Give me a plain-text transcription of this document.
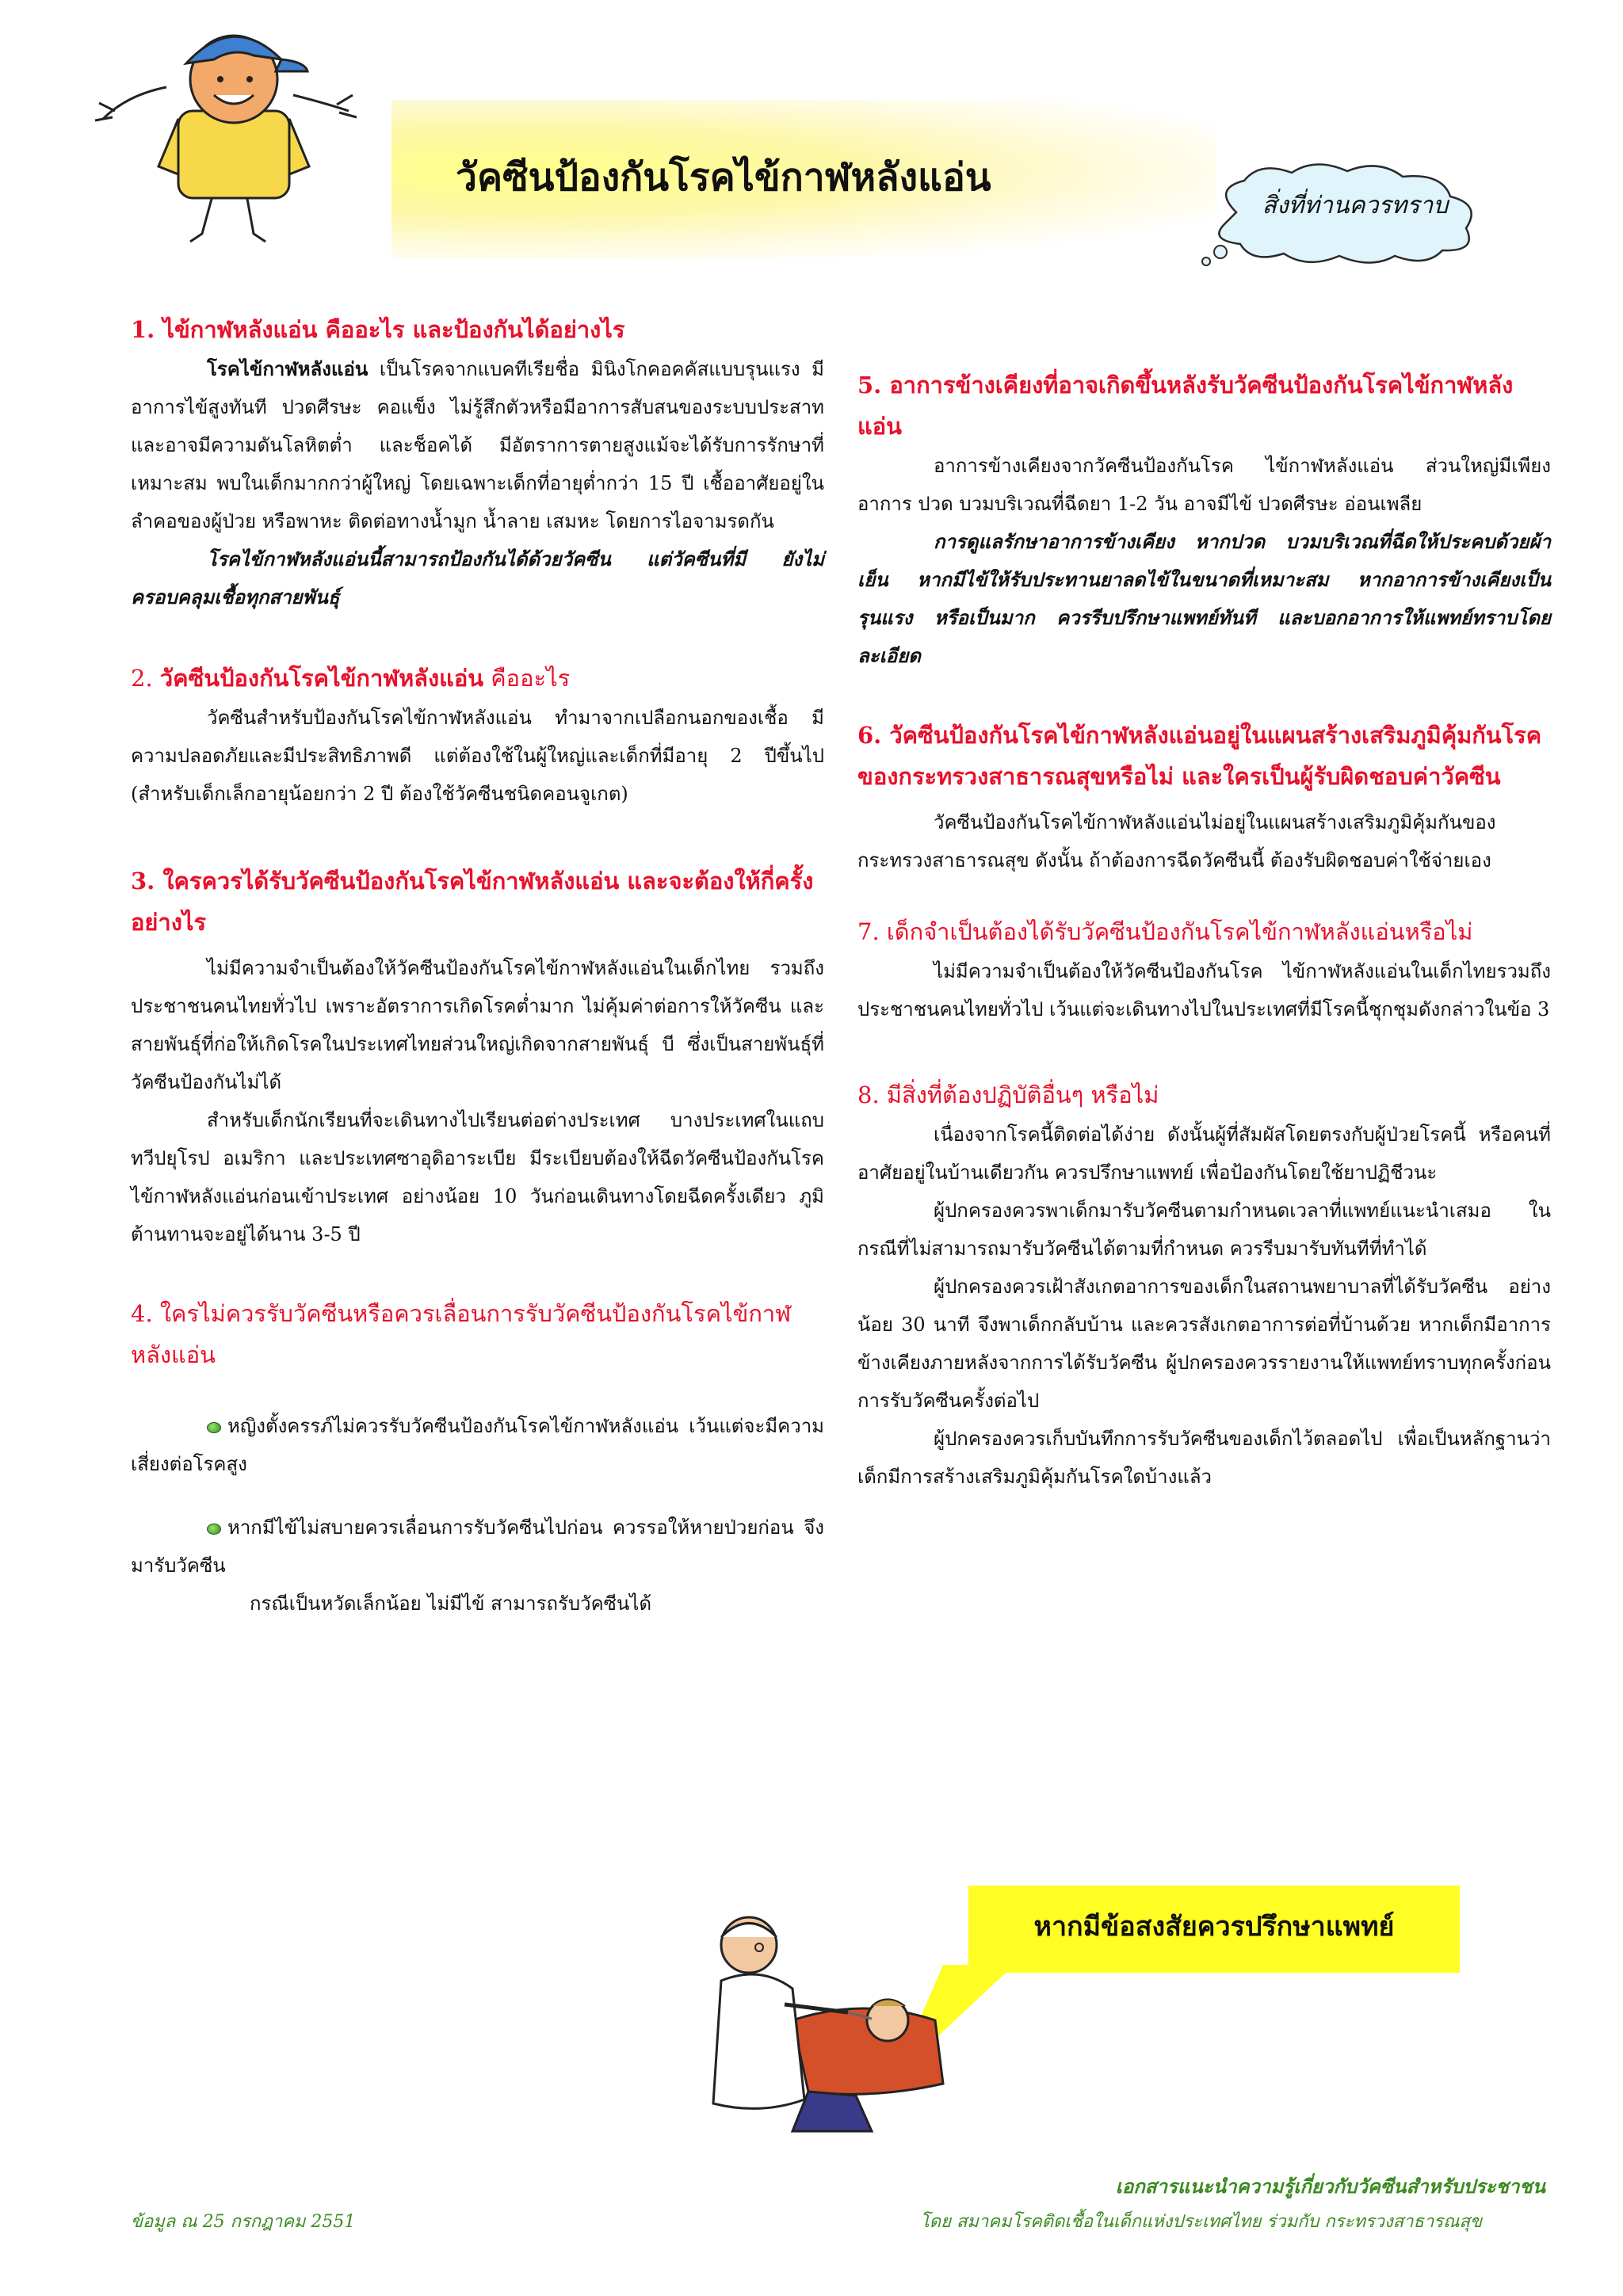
วัคซีนป้องกันโรคไข้กาฬหลังแอ่น
สิ่งที่ท่านควรทราบ

1. ไข้กาฬหลังแอ่น คืออะไร และป้องกันได้อย่างไร

โรคไข้กาฬหลังแอ่น เป็นโรคจากแบคทีเรียชื่อ มินิงโกคอคคัสแบบรุนแรง มีอาการไข้สูงทันที ปวดศีรษะ คอแข็ง ไม่รู้สึกตัวหรือมีอาการสับสนของระบบประสาท และอาจมีความดันโลหิตต่ำ และช็อคได้ มีอัตราการตายสูงแม้จะได้รับการรักษาที่เหมาะสม พบในเด็กมากกว่าผู้ใหญ่ โดยเฉพาะเด็กที่อายุต่ำกว่า 15 ปี เชื้ออาศัยอยู่ในลำคอของผู้ป่วย หรือพาหะ ติดต่อทางน้ำมูก น้ำลาย เสมหะ โดยการไอจามรดกัน

โรคไข้กาฬหลังแอ่นนี้สามารถป้องกันได้ด้วยวัคซีน แต่วัคซีนที่มี ยังไม่ครอบคลุมเชื้อทุกสายพันธุ์

2. วัคซีนป้องกันโรคไข้กาฬหลังแอ่น คืออะไร

วัคซีนสำหรับป้องกันโรคไข้กาฬหลังแอ่น ทำมาจากเปลือกนอกของเชื้อ มีความปลอดภัยและมีประสิทธิภาพดี แต่ต้องใช้ในผู้ใหญ่และเด็กที่มีอายุ 2 ปีขึ้นไป (สำหรับเด็กเล็กอายุน้อยกว่า 2 ปี ต้องใช้วัคซีนชนิดคอนจูเกต)

3. ใครควรได้รับวัคซีนป้องกันโรคไข้กาฬหลังแอ่น และจะต้องให้กี่ครั้ง อย่างไร

ไม่มีความจำเป็นต้องให้วัคซีนป้องกันโรคไข้กาฬหลังแอ่นในเด็กไทย รวมถึงประชาชนคนไทยทั่วไป เพราะอัตราการเกิดโรคต่ำมาก ไม่คุ้มค่าต่อการให้วัคซีน และสายพันธุ์ที่ก่อให้เกิดโรคในประเทศไทยส่วนใหญ่เกิดจากสายพันธุ์ บี ซึ่งเป็นสายพันธุ์ที่วัคซีนป้องกันไม่ได้

สำหรับเด็กนักเรียนที่จะเดินทางไปเรียนต่อต่างประเทศ บางประเทศในแถบทวีปยุโรป อเมริกา และประเทศซาอุดิอาระเบีย มีระเบียบต้องให้ฉีดวัคซีนป้องกันโรคไข้กาฬหลังแอ่นก่อนเข้าประเทศ อย่างน้อย 10 วันก่อนเดินทางโดยฉีดครั้งเดียว ภูมิต้านทานจะอยู่ได้นาน 3-5 ปี

4. ใครไม่ควรรับวัคซีนหรือควรเลื่อนการรับวัคซีนป้องกันโรคไข้กาฬหลังแอ่น

หญิงตั้งครรภ์ไม่ควรรับวัคซีนป้องกันโรคไข้กาฬหลังแอ่น เว้นแต่จะมีความเสี่ยงต่อโรคสูง

หากมีไข้ไม่สบายควรเลื่อนการรับวัคซีนไปก่อน ควรรอให้หายป่วยก่อน จึงมารับวัคซีน

กรณีเป็นหวัดเล็กน้อย ไม่มีไข้ สามารถรับวัคซีนได้

5. อาการข้างเคียงที่อาจเกิดขึ้นหลังรับวัคซีนป้องกันโรคไข้กาฬหลังแอ่น

อาการข้างเคียงจากวัคซีนป้องกันโรค ไข้กาฬหลังแอ่น ส่วนใหญ่มีเพียงอาการ ปวด บวมบริเวณที่ฉีดยา 1-2 วัน อาจมีไข้ ปวดศีรษะ อ่อนเพลีย

การดูแลรักษาอาการข้างเคียง หากปวด บวมบริเวณที่ฉีดให้ประคบด้วยผ้าเย็น หากมีไข้ให้รับประทานยาลดไข้ในขนาดที่เหมาะสม หากอาการข้างเคียงเป็นรุนแรง หรือเป็นมาก ควรรีบปรึกษาแพทย์ทันที และบอกอาการให้แพทย์ทราบโดยละเอียด

6. วัคซีนป้องกันโรคไข้กาฬหลังแอ่นอยู่ในแผนสร้างเสริมภูมิคุ้มกันโรคของกระทรวงสาธารณสุขหรือไม่ และใครเป็นผู้รับผิดชอบค่าวัคซีน

วัคซีนป้องกันโรคไข้กาฬหลังแอ่นไม่อยู่ในแผนสร้างเสริมภูมิคุ้มกันของกระทรวงสาธารณสุข ดังนั้น ถ้าต้องการฉีดวัคซีนนี้ ต้องรับผิดชอบค่าใช้จ่ายเอง

7. เด็กจำเป็นต้องได้รับวัคซีนป้องกันโรคไข้กาฬหลังแอ่นหรือไม่

ไม่มีความจำเป็นต้องให้วัคซีนป้องกันโรค ไข้กาฬหลังแอ่นในเด็กไทยรวมถึงประชาชนคนไทยทั่วไป เว้นแต่จะเดินทางไปในประเทศที่มีโรคนี้ชุกชุมดังกล่าวในข้อ 3

8. มีสิ่งที่ต้องปฏิบัติอื่นๆ หรือไม่

เนื่องจากโรคนี้ติดต่อได้ง่าย ดังนั้นผู้ที่สัมผัสโดยตรงกับผู้ป่วยโรคนี้ หรือคนที่อาศัยอยู่ในบ้านเดียวกัน ควรปรึกษาแพทย์ เพื่อป้องกันโดยใช้ยาปฏิชีวนะ

ผู้ปกครองควรพาเด็กมารับวัคซีนตามกำหนดเวลาที่แพทย์แนะนำเสมอ ในกรณีที่ไม่สามารถมารับวัคซีนได้ตามที่กำหนด ควรรีบมารับทันทีที่ทำได้

ผู้ปกครองควรเฝ้าสังเกตอาการของเด็กในสถานพยาบาลที่ได้รับวัคซีน อย่างน้อย 30 นาที จึงพาเด็กกลับบ้าน และควรสังเกตอาการต่อที่บ้านด้วย หากเด็กมีอาการข้างเคียงภายหลังจากการได้รับวัคซีน ผู้ปกครองควรรายงานให้แพทย์ทราบทุกครั้งก่อนการรับวัคซีนครั้งต่อไป

ผู้ปกครองควรเก็บบันทึกการรับวัคซีนของเด็กไว้ตลอดไป เพื่อเป็นหลักฐานว่าเด็กมีการสร้างเสริมภูมิคุ้มกันโรคใดบ้างแล้ว

หากมีข้อสงสัยควรปรึกษาแพทย์
เอกสารแนะนำความรู้เกี่ยวกับวัคซีนสำหรับประชาชน
โดย สมาคมโรคติดเชื้อในเด็กแห่งประเทศไทย ร่วมกับ กระทรวงสาธารณสุข
ข้อมูล ณ 25 กรกฎาคม 2551
